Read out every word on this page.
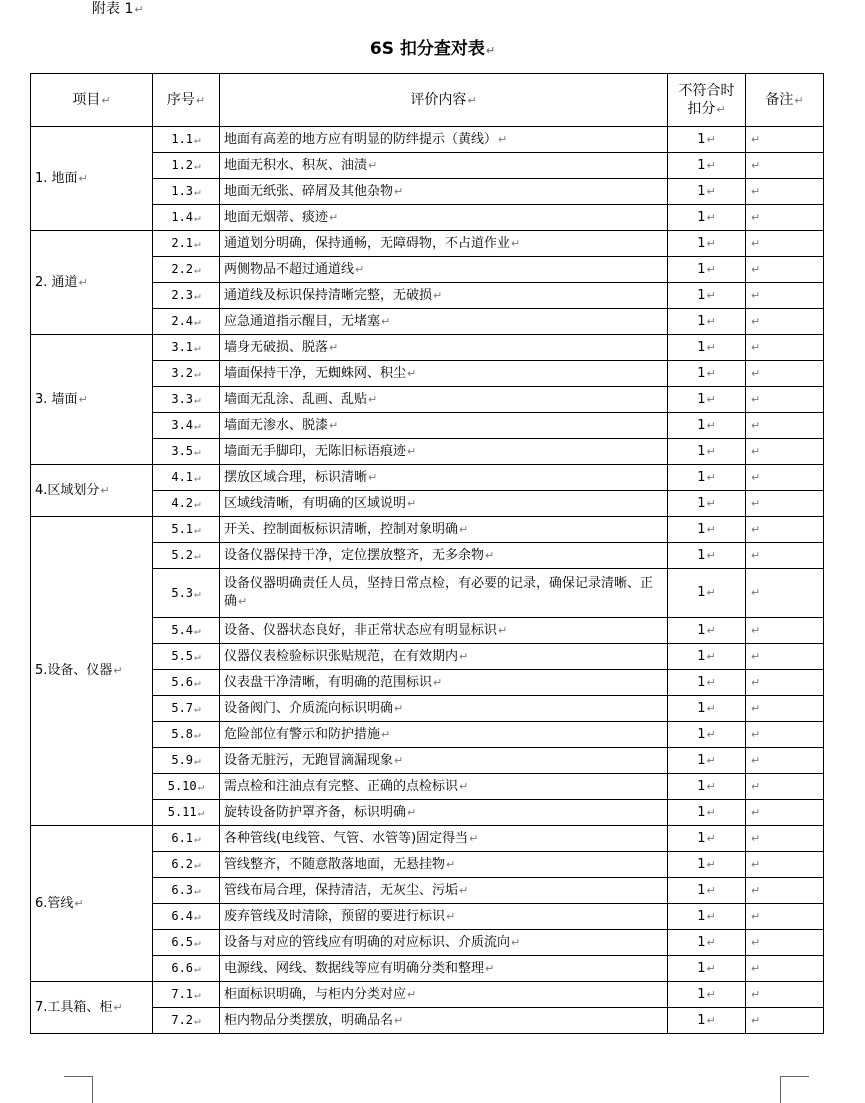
附表 1↵
6S 扣分查对表↵
项目↵	序号↵	评价内容↵	不符合时扣分↵	备注↵
1. 地面↵	1.1↵	地面有高差的地方应有明显的防绊提示（黄线）↵	1↵	↵
	1.2↵	地面无积水、积灰、油渍↵	1↵	↵
	1.3↵	地面无纸张、碎屑及其他杂物↵	1↵	↵
	1.4↵	地面无烟蒂、痰迹↵	1↵	↵
2. 通道↵	2.1↵	通道划分明确，保持通畅，无障碍物，不占道作业↵	1↵	↵
	2.2↵	两侧物品不超过通道线↵	1↵	↵
	2.3↵	通道线及标识保持清晰完整，无破损↵	1↵	↵
	2.4↵	应急通道指示醒目，无堵塞↵	1↵	↵
3. 墙面↵	3.1↵	墙身无破损、脱落↵	1↵	↵
	3.2↵	墙面保持干净，无蜘蛛网、积尘↵	1↵	↵
	3.3↵	墙面无乱涂、乱画、乱贴↵	1↵	↵
	3.4↵	墙面无渗水、脱漆↵	1↵	↵
	3.5↵	墙面无手脚印，无陈旧标语痕迹↵	1↵	↵
4.区域划分↵	4.1↵	摆放区域合理，标识清晰↵	1↵	↵
	4.2↵	区域线清晰，有明确的区域说明↵	1↵	↵
5.设备、仪器↵	5.1↵	开关、控制面板标识清晰，控制对象明确↵	1↵	↵
	5.2↵	设备仪器保持干净，定位摆放整齐，无多余物↵	1↵	↵
	5.3↵	设备仪器明确责任人员，坚持日常点检，有必要的记录，确保记录清晰、正确↵	1↵	↵
	5.4↵	设备、仪器状态良好，非正常状态应有明显标识↵	1↵	↵
	5.5↵	仪器仪表检验标识张贴规范，在有效期内↵	1↵	↵
	5.6↵	仪表盘干净清晰，有明确的范围标识↵	1↵	↵
	5.7↵	设备阀门、介质流向标识明确↵	1↵	↵
	5.8↵	危险部位有警示和防护措施↵	1↵	↵
	5.9↵	设备无脏污，无跑冒滴漏现象↵	1↵	↵
	5.10↵	需点检和注油点有完整、正确的点检标识↵	1↵	↵
	5.11↵	旋转设备防护罩齐备，标识明确↵	1↵	↵
6.管线↵	6.1↵	各种管线(电线管、气管、水管等)固定得当↵	1↵	↵
	6.2↵	管线整齐，不随意散落地面，无悬挂物↵	1↵	↵
	6.3↵	管线布局合理，保持清洁，无灰尘、污垢↵	1↵	↵
	6.4↵	废弃管线及时清除，预留的要进行标识↵	1↵	↵
	6.5↵	设备与对应的管线应有明确的对应标识、介质流向↵	1↵	↵
	6.6↵	电源线、网线、数据线等应有明确分类和整理↵	1↵	↵
7.工具箱、柜↵	7.1↵	柜面标识明确，与柜内分类对应↵	1↵	↵
	7.2↵	柜内物品分类摆放，明确品名↵	1↵	↵
